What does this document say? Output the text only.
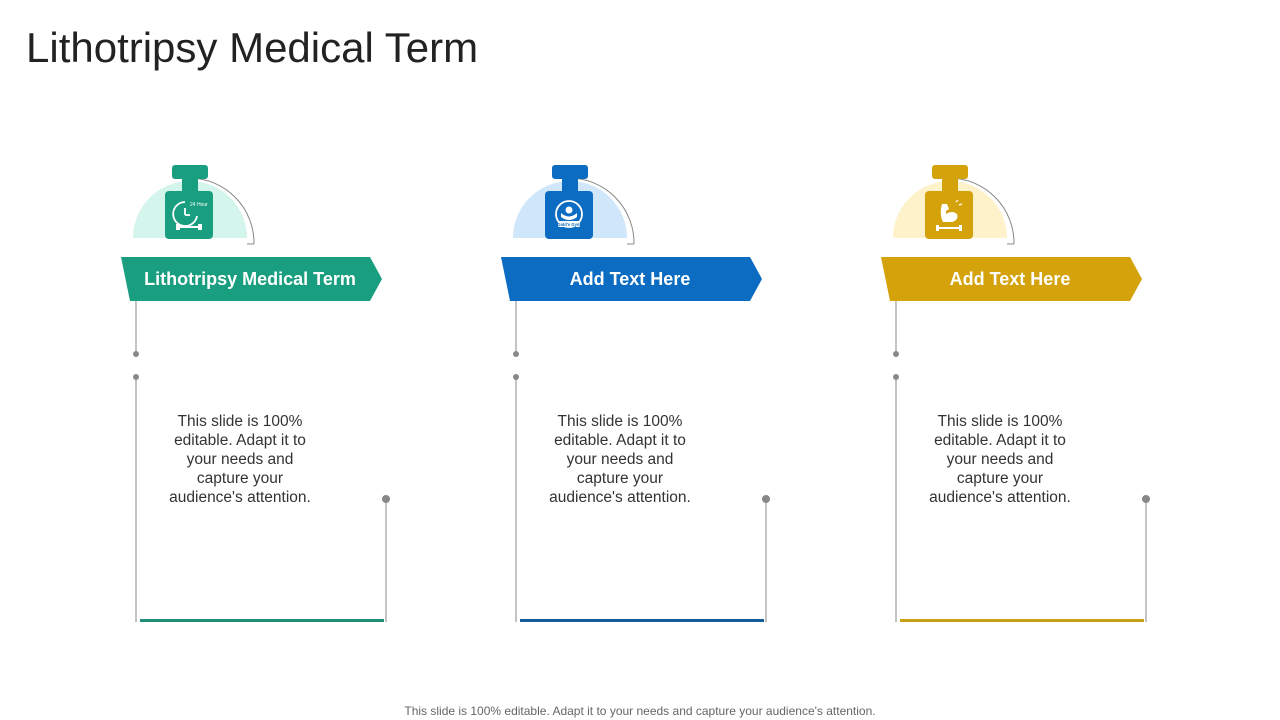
Lithotripsy Medical Term
24 Hour
Lithotripsy Medical Term
This slide is 100% editable. Adapt it to your needs and capture your audience's attention.
Gold's Gym
Add Text Here
This slide is 100% editable. Adapt it to your needs and capture your audience's attention.
Add Text Here
This slide is 100% editable. Adapt it to your needs and capture your audience's attention.
This slide is 100% editable. Adapt it to your needs and capture your audience's attention.
